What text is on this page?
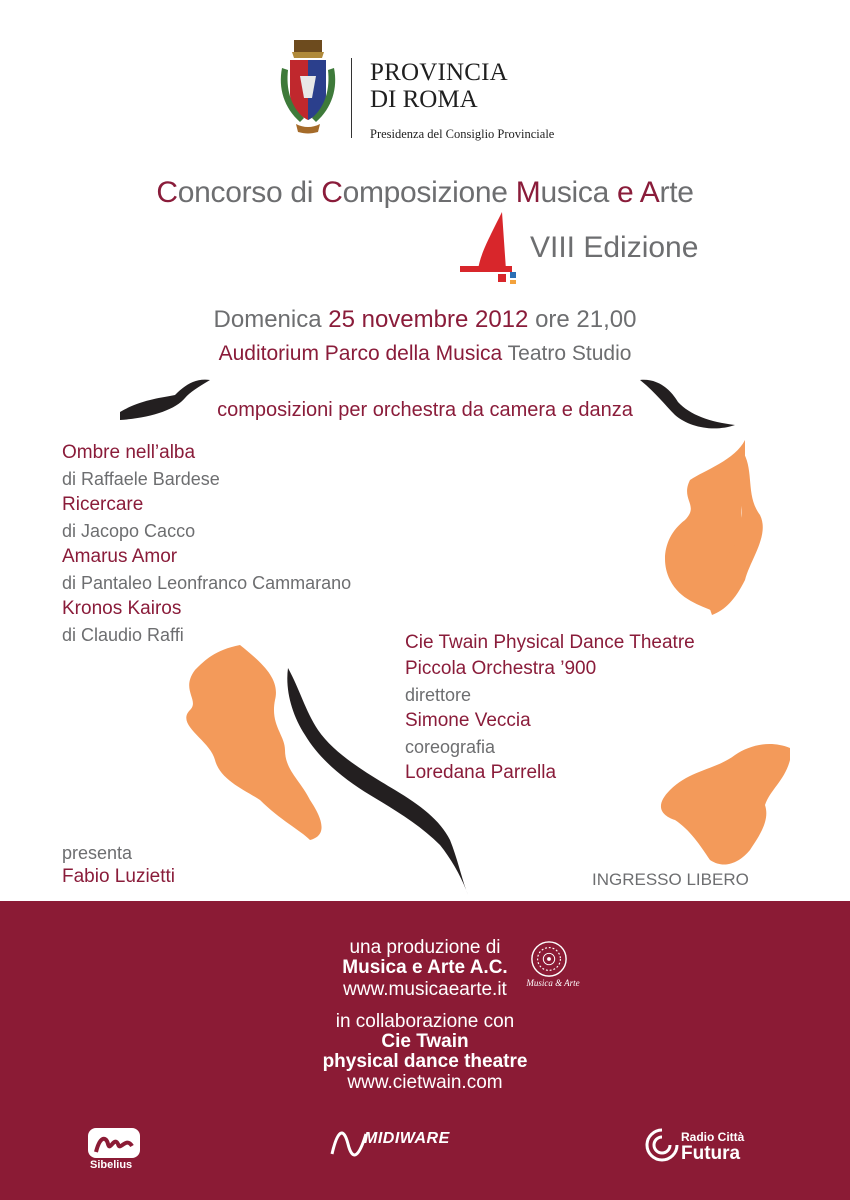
PROVINCIA
DI ROMA
Presidenza del Consiglio Provinciale
Concorso di Composizione Musica e Arte
VIII Edizione
Domenica 25 novembre 2012 ore 21,00
Auditorium Parco della Musica Teatro Studio
composizioni per orchestra da camera e danza
Ombre nell’alba
di Raffaele Bardese
Ricercare
di Jacopo Cacco
Amarus Amor
di Pantaleo Leonfranco Cammarano
Kronos Kairos
di Claudio Raffi	Cie Twain Physical Dance Theatre
Piccola Orchestra ’900
direttore
Simone Veccia
coreografia
Loredana Parrella
presenta
Fabio Luzietti	INGRESSO LIBERO
una produzione di
Musica e Arte A.C.
www.musicaearte.it
in collaborazione con
Cie Twain
physical dance theatre
www.cietwain.com
Musica & Arte
Sibelius
MIDIWARE	Radio Città
Futura
